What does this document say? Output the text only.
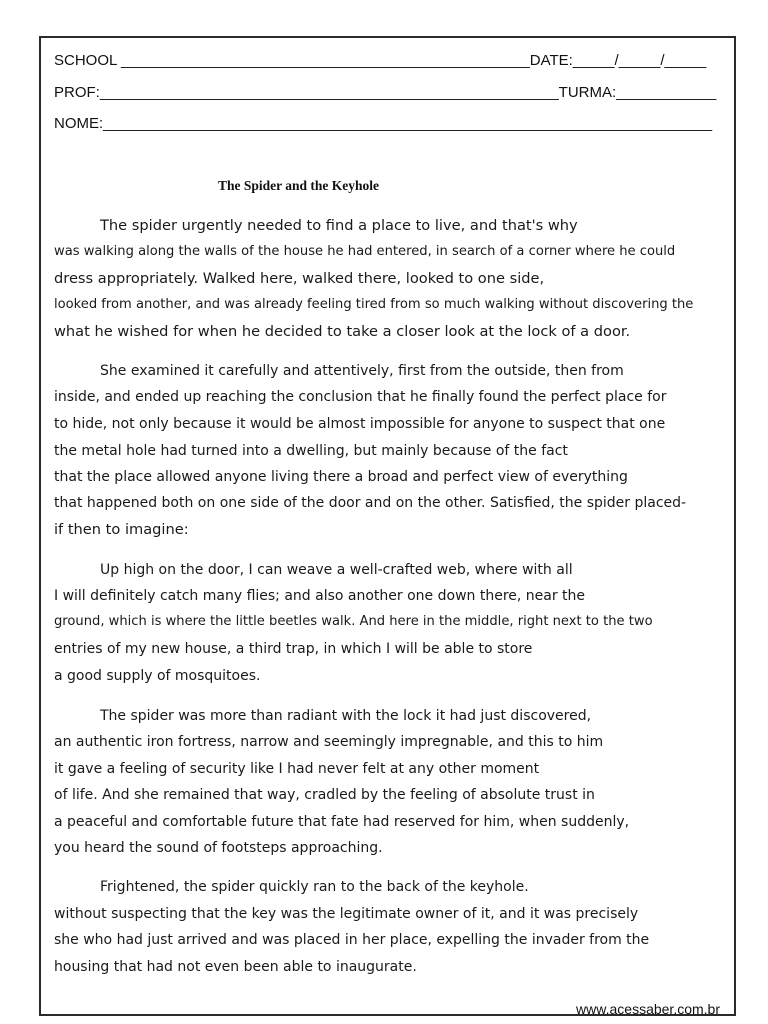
SCHOOL _________________________________________________DATE:_____/_____/_____
PROF:_______________________________________________________TURMA:____________
NOME:_________________________________________________________________________
The Spider and the Keyhole
The spider urgently needed to find a place to live, and that's why
was walking along the walls of the house he had entered, in search of a corner where he could
dress appropriately. Walked here, walked there, looked to one side,
looked from another, and was already feeling tired from so much walking without discovering the
what he wished for when he decided to take a closer look at the lock of a door.
She examined it carefully and attentively, first from the outside, then from
inside, and ended up reaching the conclusion that he finally found the perfect place for
to hide, not only because it would be almost impossible for anyone to suspect that one
the metal hole had turned into a dwelling, but mainly because of the fact
that the place allowed anyone living there a broad and perfect view of everything
that happened both on one side of the door and on the other. Satisfied, the spider placed-
if then to imagine:
Up high on the door, I can weave a well-crafted web, where with all
I will definitely catch many flies; and also another one down there, near the
ground, which is where the little beetles walk. And here in the middle, right next to the two
entries of my new house, a third trap, in which I will be able to store
a good supply of mosquitoes.
The spider was more than radiant with the lock it had just discovered,
an authentic iron fortress, narrow and seemingly impregnable, and this to him
it gave a feeling of security like I had never felt at any other moment
of life. And she remained that way, cradled by the feeling of absolute trust in
a peaceful and comfortable future that fate had reserved for him, when suddenly,
you heard the sound of footsteps approaching.
Frightened, the spider quickly ran to the back of the keyhole.
without suspecting that the key was the legitimate owner of it, and it was precisely
she who had just arrived and was placed in her place, expelling the invader from the
housing that had not even been able to inaugurate.
www.acessaber.com.br
